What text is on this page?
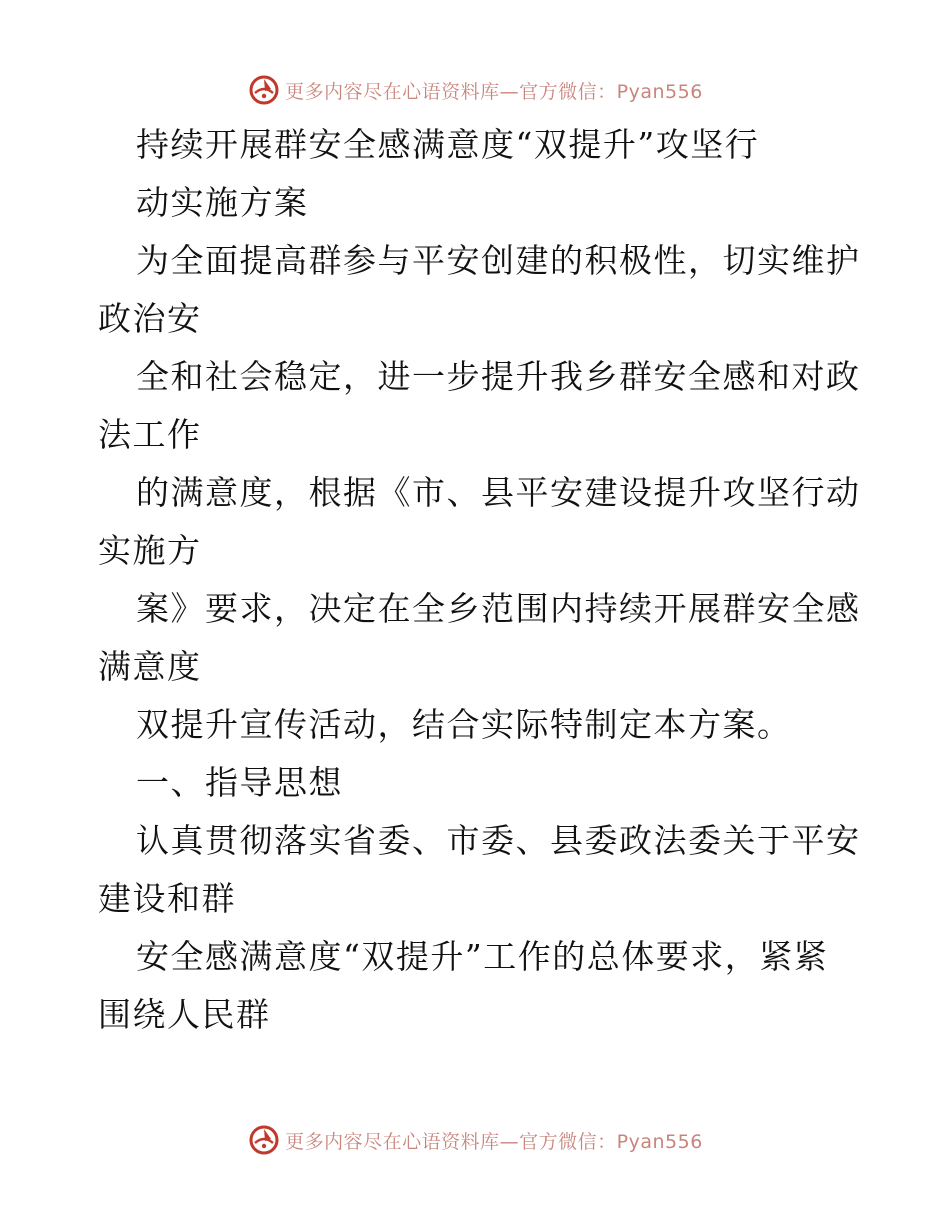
更多内容尽在心语资料库—官方微信：Pyan556
持续开展群安全感满意度“双提升”攻坚行
动实施方案
为全面提高群参与平安创建的积极性，切实维护
政治安
全和社会稳定，进一步提升我乡群安全感和对政
法工作
的满意度，根据《市、县平安建设提升攻坚行动
实施方
案》要求，决定在全乡范围内持续开展群安全感
满意度
双提升宣传活动，结合实际特制定本方案。
一、指导思想
认真贯彻落实省委、市委、县委政法委关于平安
建设和群
安全感满意度“双提升”工作的总体要求，紧紧
围绕人民群
更多内容尽在心语资料库—官方微信：Pyan556
